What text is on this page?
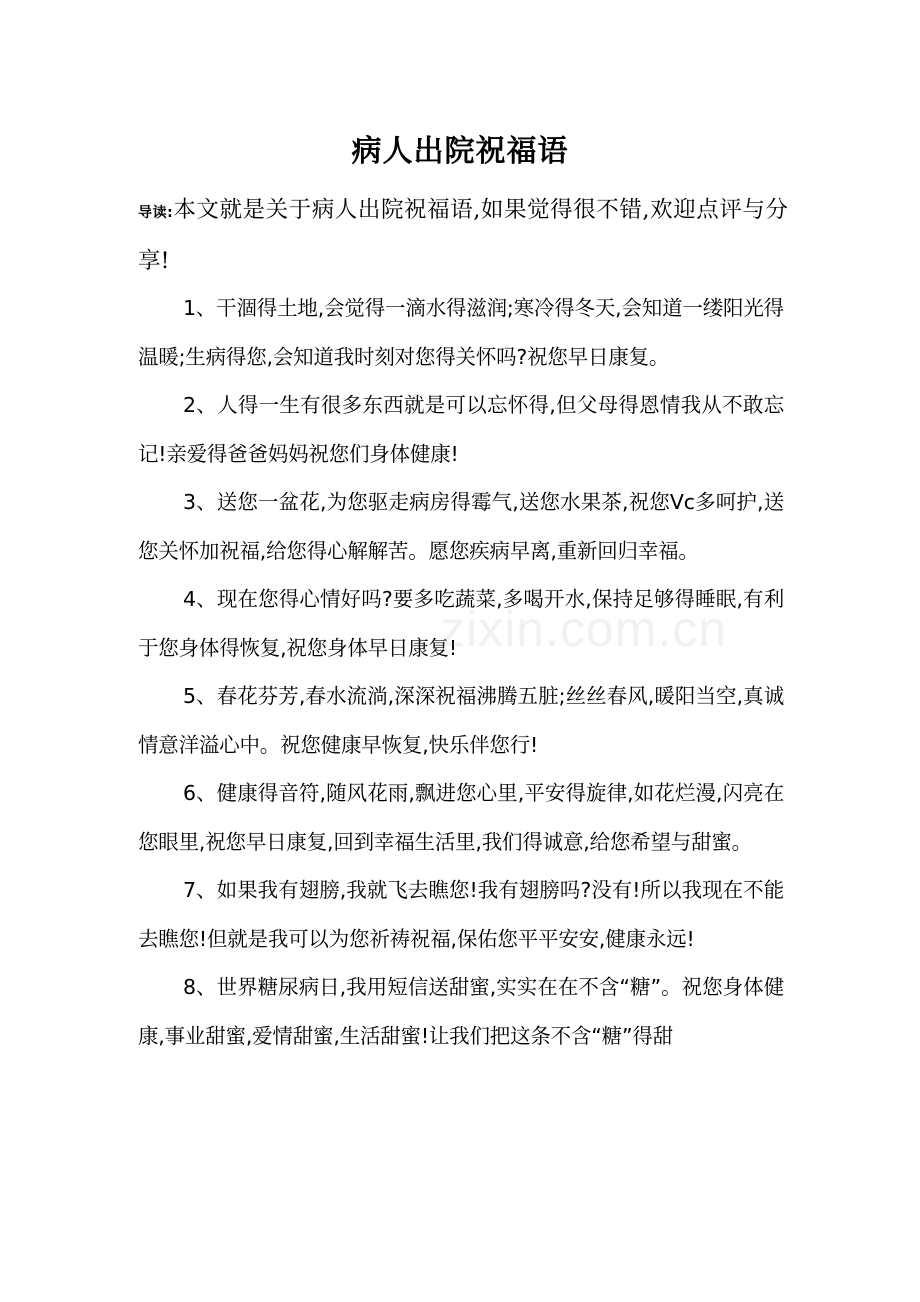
病人出院祝福语
导读:本文就是关于病人出院祝福语,如果觉得很不错,欢迎点评与分享!

1、干涸得土地,会觉得一滴水得滋润;寒冷得冬天,会知道一缕阳光得温暖;生病得您,会知道我时刻对您得关怀吗?祝您早日康复。

2、人得一生有很多东西就是可以忘怀得,但父母得恩情我从不敢忘记!亲爱得爸爸妈妈祝您们身体健康!

3、送您一盆花,为您驱走病房得霉气,送您水果茶,祝您Vc多呵护,送您关怀加祝福,给您得心解解苦。愿您疾病早离,重新回归幸福。

4、现在您得心情好吗?要多吃蔬菜,多喝开水,保持足够得睡眠,有利于您身体得恢复,祝您身体早日康复!

5、春花芬芳,春水流淌,深深祝福沸腾五脏;丝丝春风,暖阳当空,真诚情意洋溢心中。祝您健康早恢复,快乐伴您行!

6、健康得音符,随风花雨,飘进您心里,平安得旋律,如花烂漫,闪亮在您眼里,祝您早日康复,回到幸福生活里,我们得诚意,给您希望与甜蜜。

7、如果我有翅膀,我就飞去瞧您!我有翅膀吗?没有!所以我现在不能去瞧您!但就是我可以为您祈祷祝福,保佑您平平安安,健康永远!

8、世界糖尿病日,我用短信送甜蜜,实实在在不含“糖”。祝您身体健康,事业甜蜜,爱情甜蜜,生活甜蜜!让我们把这条不含“糖”得甜

zixin.com.cn
